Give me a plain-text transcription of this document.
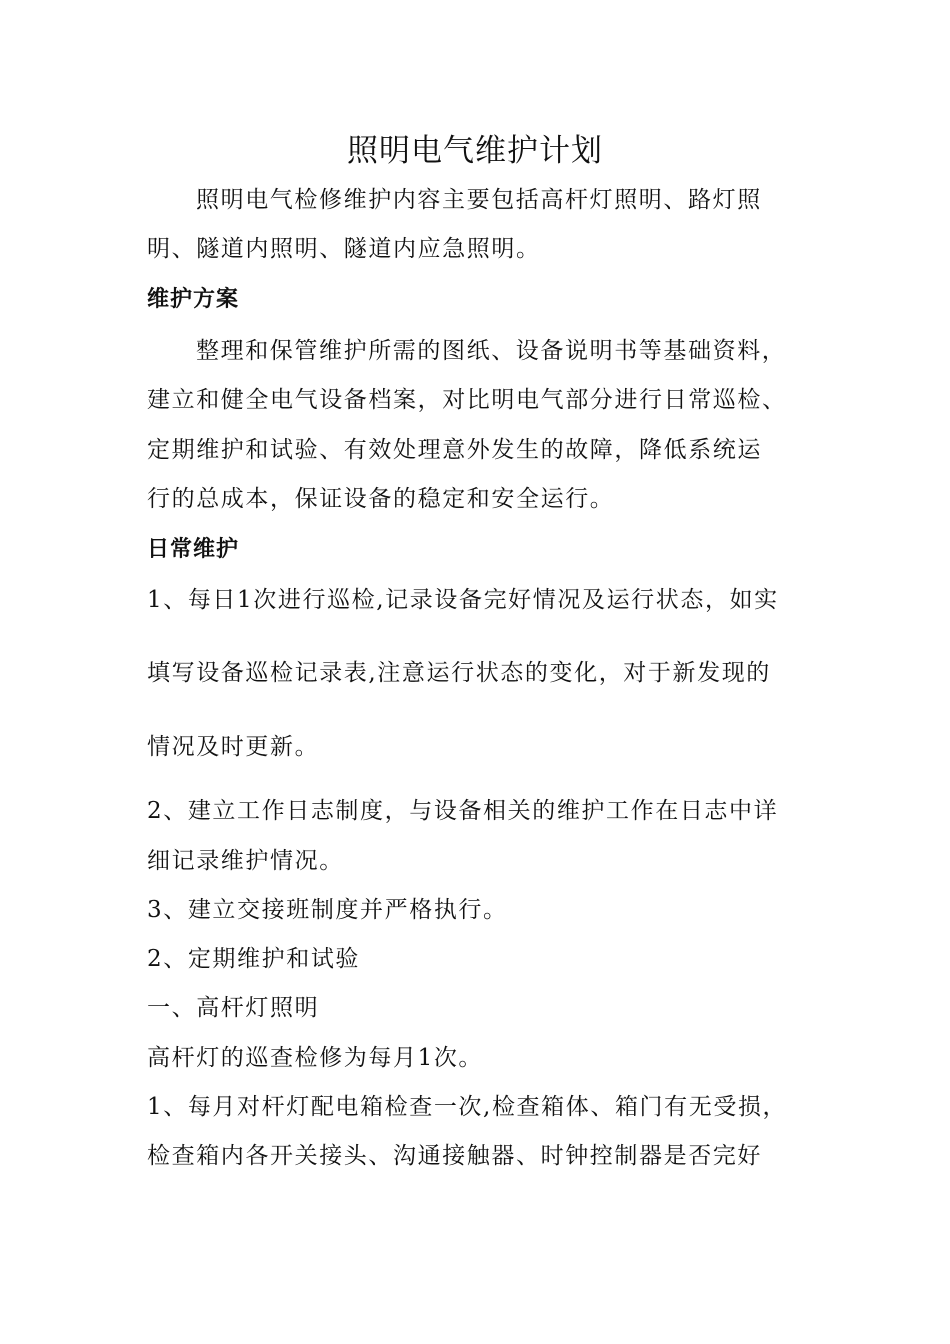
照明电气维护计划
照明电气检修维护内容主要包括高杆灯照明、路灯照
明、隧道内照明、隧道内应急照明。
维护方案
整理和保管维护所需的图纸、设备说明书等基础资料，
建立和健全电气设备档案，对比明电气部分进行日常巡检、
定期维护和试验、有效处理意外发生的故障，降低系统运
行的总成本，保证设备的稳定和安全运行。
日常维护
1、每日1次进行巡检,记录设备完好情况及运行状态，如实
填写设备巡检记录表,注意运行状态的变化，对于新发现的
情况及时更新。
2、建立工作日志制度，与设备相关的维护工作在日志中详
细记录维护情况。
3、建立交接班制度并严格执行。
2、定期维护和试验
一、高杆灯照明
高杆灯的巡查检修为每月1次。
1、每月对杆灯配电箱检查一次,检查箱体、箱门有无受损，
检查箱内各开关接头、沟通接触器、时钟控制器是否完好
